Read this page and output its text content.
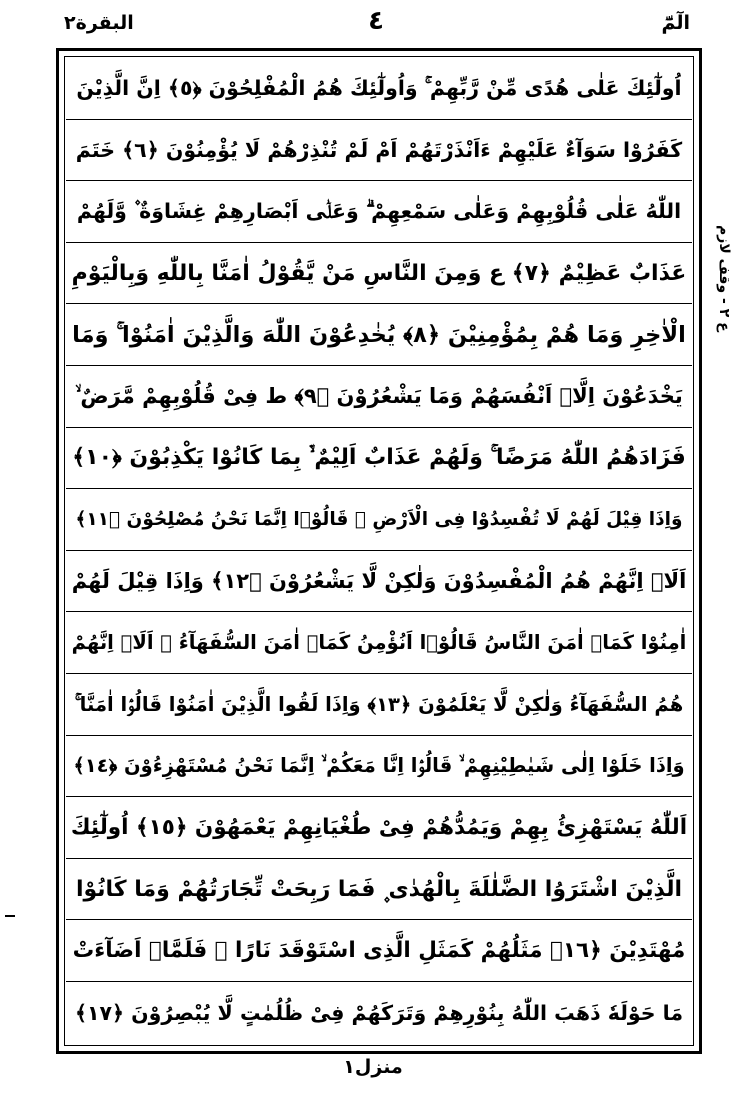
البقرة٢	٤	الٓمّٓ
اُولٰٓئِكَ عَلٰی هُدًی مِّنْ رَّبِّهِمْ ۚ وَاُولٰٓئِكَ هُمُ الْمُفْلِحُوْنَ ﴿٥﴾ اِنَّ الَّذِیْنَ
كَفَرُوْا سَوَآءٌ عَلَیْهِمْ ءَاَنْذَرْتَهُمْ اَمْ لَمْ تُنْذِرْهُمْ لَا یُؤْمِنُوْنَ ﴿٦﴾ خَتَمَ
اللّٰهُ عَلٰی قُلُوْبِهِمْ وَعَلٰی سَمْعِهِمْ ۗ وَعَلٰۤی اَبْصَارِهِمْ غِشَاوَةٌ ۫ وَّلَهُمْ
عَذَابٌ عَظِیْمٌ ﴿٧﴾ ع وَمِنَ النَّاسِ مَنْ یَّقُوْلُ اٰمَنَّا بِاللّٰهِ وَبِالْیَوْمِ
الْاٰخِرِ وَمَا هُمْ بِمُؤْمِنِیْنَ ﴿٨﴾ یُخٰدِعُوْنَ اللّٰهَ وَالَّذِیْنَ اٰمَنُوْا ۚ وَمَا
یَخْدَعُوْنَ اِلَّاۤ اَنْفُسَهُمْ وَمَا یَشْعُرُوْنَ ﴿٩﴾ ط فِیْ قُلُوْبِهِمْ مَّرَضٌ ۙ
فَزَادَهُمُ اللّٰهُ مَرَضًا ۚ وَلَهُمْ عَذَابٌ اَلِیْمٌ ۙ۬ بِمَا كَانُوْا یَكْذِبُوْنَ ﴿١٠﴾
وَاِذَا قِیْلَ لَهُمْ لَا تُفْسِدُوْا فِی الْاَرْضِ ۙ قَالُوْۤا اِنَّمَا نَحْنُ مُصْلِحُوْنَ ﴿١١﴾
اَلَاۤ اِنَّهُمْ هُمُ الْمُفْسِدُوْنَ وَلٰكِنْ لَّا یَشْعُرُوْنَ ﴿١٢﴾ وَاِذَا قِیْلَ لَهُمْ
اٰمِنُوْا كَمَاۤ اٰمَنَ النَّاسُ قَالُوْۤا اَنُؤْمِنُ كَمَاۤ اٰمَنَ السُّفَهَآءُ ۭ اَلَاۤ اِنَّهُمْ
هُمُ السُّفَهَآءُ وَلٰكِنْ لَّا یَعْلَمُوْنَ ﴿١٣﴾ وَاِذَا لَقُوا الَّذِیْنَ اٰمَنُوْا قَالُوْۤا اٰمَنَّا ۚ
وَاِذَا خَلَوْا اِلٰی شَیٰطِیْنِهِمْ ۙ قَالُوْۤا اِنَّا مَعَكُمْ ۙ اِنَّمَا نَحْنُ مُسْتَهْزِءُوْنَ ﴿١٤﴾
اَللّٰهُ یَسْتَهْزِئُ بِهِمْ وَیَمُدُّهُمْ فِیْ طُغْیَانِهِمْ یَعْمَهُوْنَ ﴿١٥﴾ اُولٰٓئِكَ
الَّذِیْنَ اشْتَرَوُا الضَّلٰلَةَ بِالْهُدٰی ۪ فَمَا رَبِحَتْ تِّجَارَتُهُمْ وَمَا كَانُوْا
مُهْتَدِیْنَ ﴿١٦﴾ مَثَلُهُمْ كَمَثَلِ الَّذِی اسْتَوْقَدَ نَارًا ۚ فَلَمَّاۤ اَضَآءَتْ
مَا حَوْلَهٗ ذَهَبَ اللّٰهُ بِنُوْرِهِمْ وَتَرَكَهُمْ فِیْ ظُلُمٰتٍ لَّا یُبْصِرُوْنَ ﴿١٧﴾
ع ٢ - وقف لازم
منزل١
